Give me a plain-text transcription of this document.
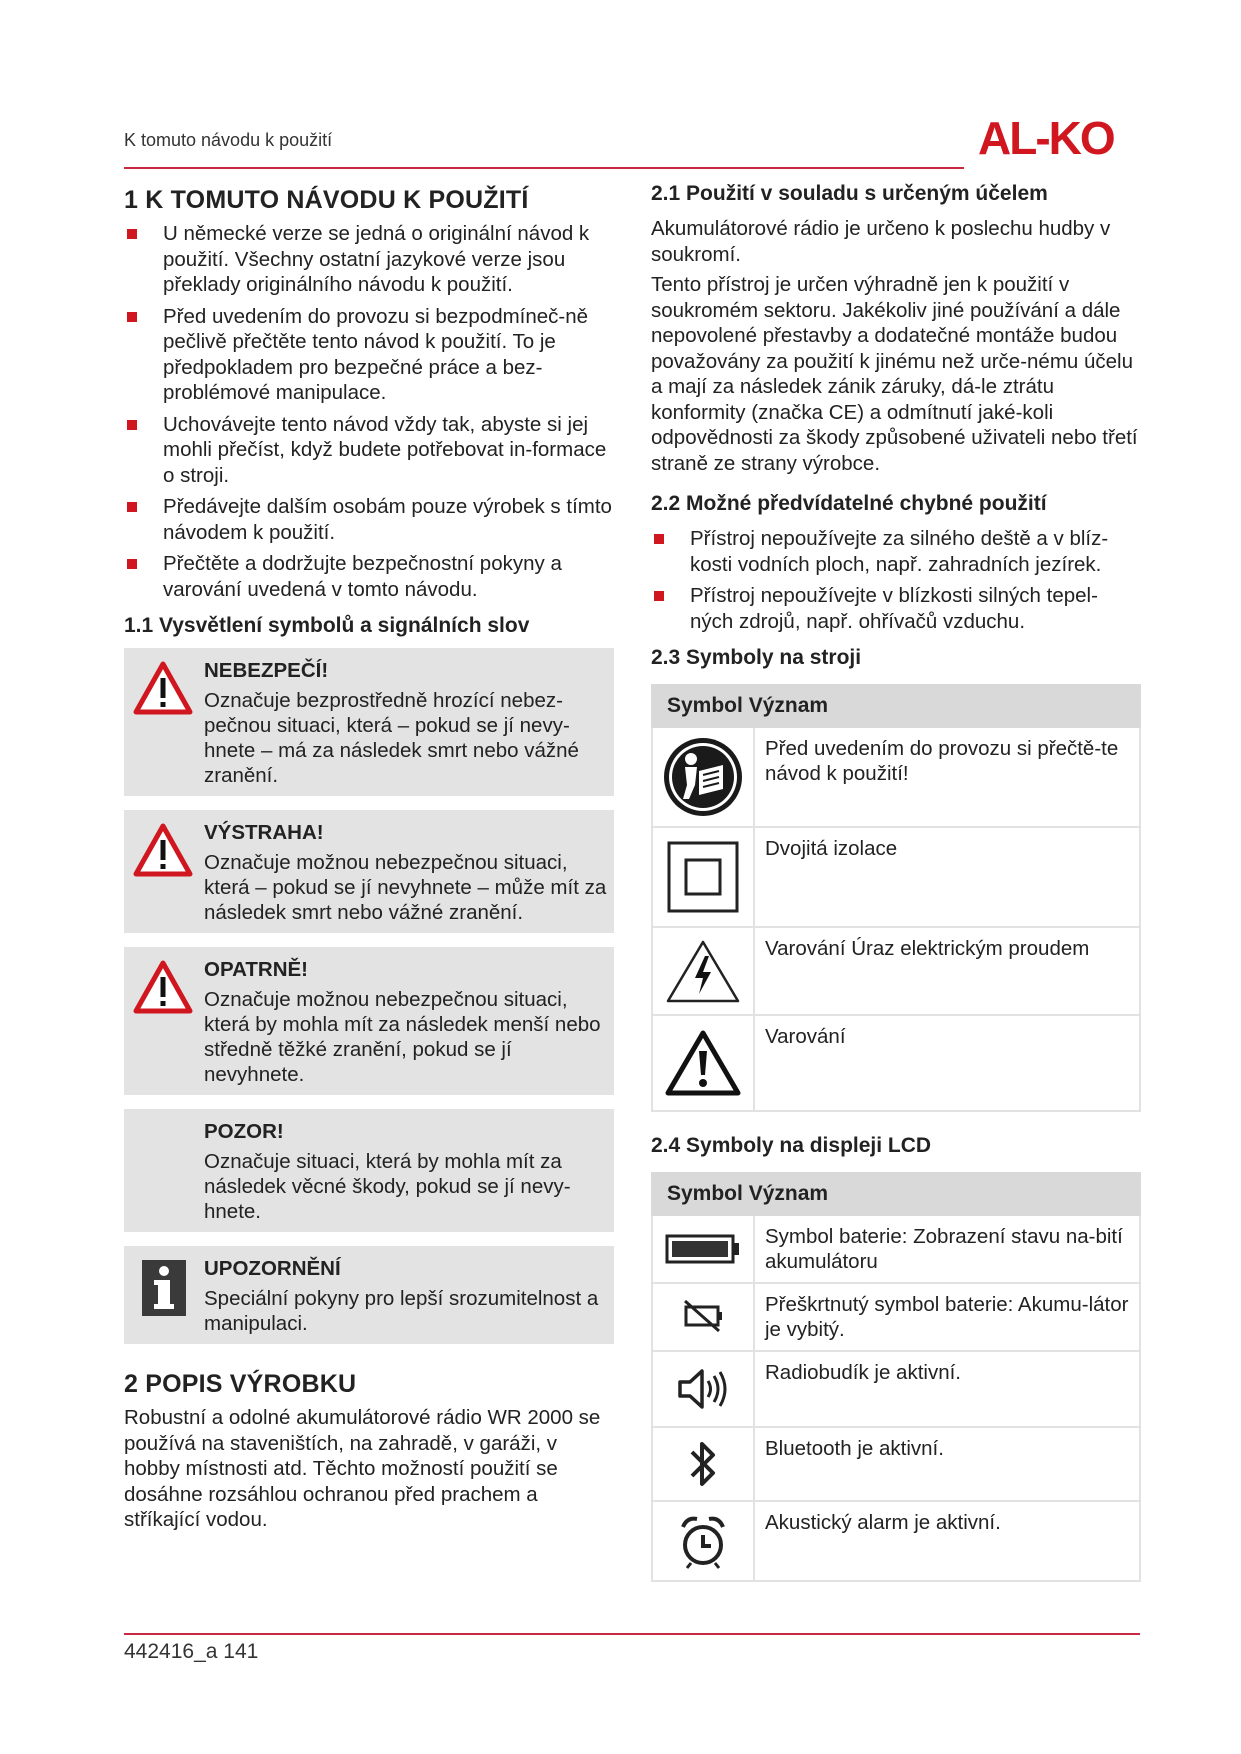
K tomuto návodu k použití	AL-KO
1 K TOMUTO NÁVODU K POUŽITÍ
U německé verze se jedná o originální návod k použití. Všechny ostatní jazykové verze jsou překlady originálního návodu k použití.
Před uvedením do provozu si bezpodmíneč-ně pečlivě přečtěte tento návod k použití. To je předpokladem pro bezpečné práce a bez-problémové manipulace.
Uchovávejte tento návod vždy tak, abyste si jej mohli přečíst, když budete potřebovat in-formace o stroji.
Předávejte dalším osobám pouze výrobek s tímto návodem k použití.
Přečtěte a dodržujte bezpečnostní pokyny a varování uvedená v tomto návodu.
1.1 Vysvětlení symbolů a signálních slov
NEBEZPEČÍ!
Označuje bezprostředně hrozící nebez-pečnou situaci, která – pokud se jí nevy-hnete – má za následek smrt nebo vážné zranění.
VÝSTRAHA!
Označuje možnou nebezpečnou situaci, která – pokud se jí nevyhnete – může mít za následek smrt nebo vážné zranění.
OPATRNĚ!
Označuje možnou nebezpečnou situaci, která by mohla mít za následek menší nebo středně těžké zranění, pokud se jí nevyhnete.
POZOR!
Označuje situaci, která by mohla mít za následek věcné škody, pokud se jí nevy-hnete.
UPOZORNĚNÍ
Speciální pokyny pro lepší srozumitelnost a manipulaci.
2 POPIS VÝROBKU

Robustní a odolné akumulátorové rádio WR 2000 se používá na staveništích, na zahradě, v garáži, v hobby místnosti atd. Těchto možností použití se dosáhne rozsáhlou ochranou před prachem a stříkající vodou.

2.1 Použití v souladu s určeným účelem

Akumulátorové rádio je určeno k poslechu hudby v soukromí.

Tento přístroj je určen výhradně jen k použití v soukromém sektoru. Jakékoliv jiné používání a dále nepovolené přestavby a dodatečné montáže budou považovány za použití k jinému než urče-nému účelu a mají za následek zánik záruky, dá-le ztrátu konformity (značka CE) a odmítnutí jaké-koli odpovědnosti za škody způsobené uživateli nebo třetí straně ze strany výrobce.

2.2 Možné předvídatelné chybné použití
Přístroj nepoužívejte za silného deště a v blíz-kosti vodních ploch, např. zahradních jezírek.
Přístroj nepoužívejte v blízkosti silných tepel-ných zdrojů, např. ohřívačů vzduchu.
2.3 Symboly na stroji
Symbol Význam	

	Před uvedením do provozu si přečtě-te návod k použití!

	Dvojitá izolace

	Varování Úraz elektrickým proudem

	Varování
2.4 Symboly na displeji LCD
Symbol Význam	

	Symbol baterie: Zobrazení stavu na-bití akumulátoru

	Přeškrtnutý symbol baterie: Akumu-látor je vybitý.

	Radiobudík je aktivní.

	Bluetooth je aktivní.

	Akustický alarm je aktivní.
442416_a 141
